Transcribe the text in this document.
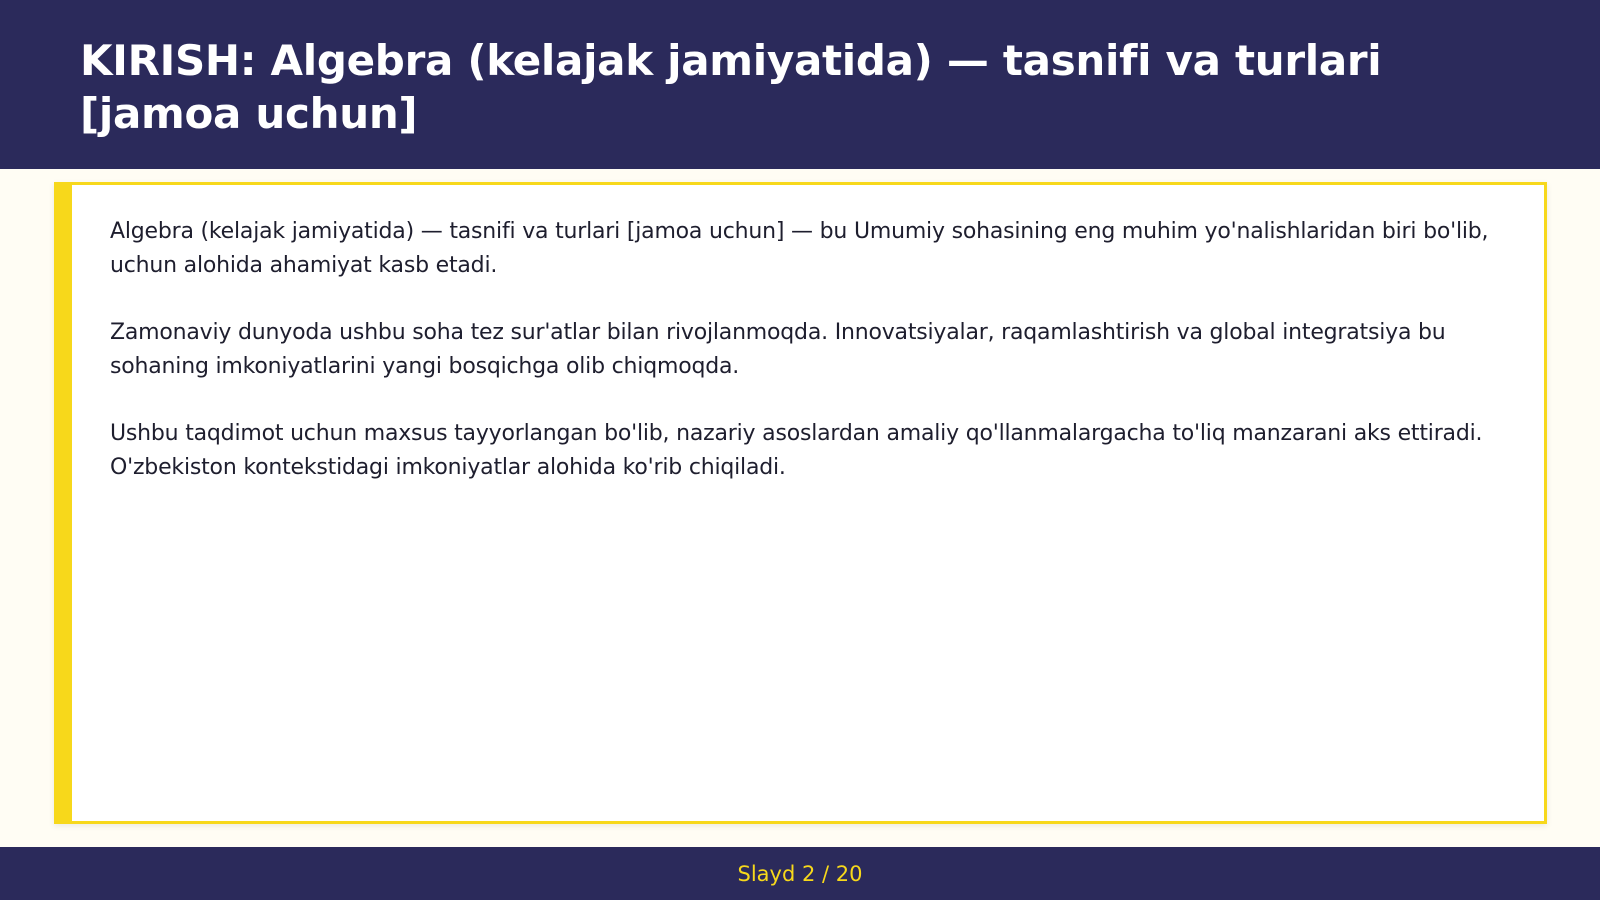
KIRISH: Algebra (kelajak jamiyatida) — tasnifi va turlari [jamoa uchun]

Algebra (kelajak jamiyatida) — tasnifi va turlari [jamoa uchun] — bu Umumiy sohasining eng muhim yo'nalishlaridan biri bo'lib, uchun alohida ahamiyat kasb etadi.

Zamonaviy dunyoda ushbu soha tez sur'atlar bilan rivojlanmoqda. Innovatsiyalar, raqamlashtirish va global integratsiya bu sohaning imkoniyatlarini yangi bosqichga olib chiqmoqda.

Ushbu taqdimot uchun maxsus tayyorlangan bo'lib, nazariy asoslardan amaliy qo'llanmalargacha to'liq manzarani aks ettiradi. O'zbekiston kontekstidagi imkoniyatlar alohida ko'rib chiqiladi.

Slayd 2 / 20
